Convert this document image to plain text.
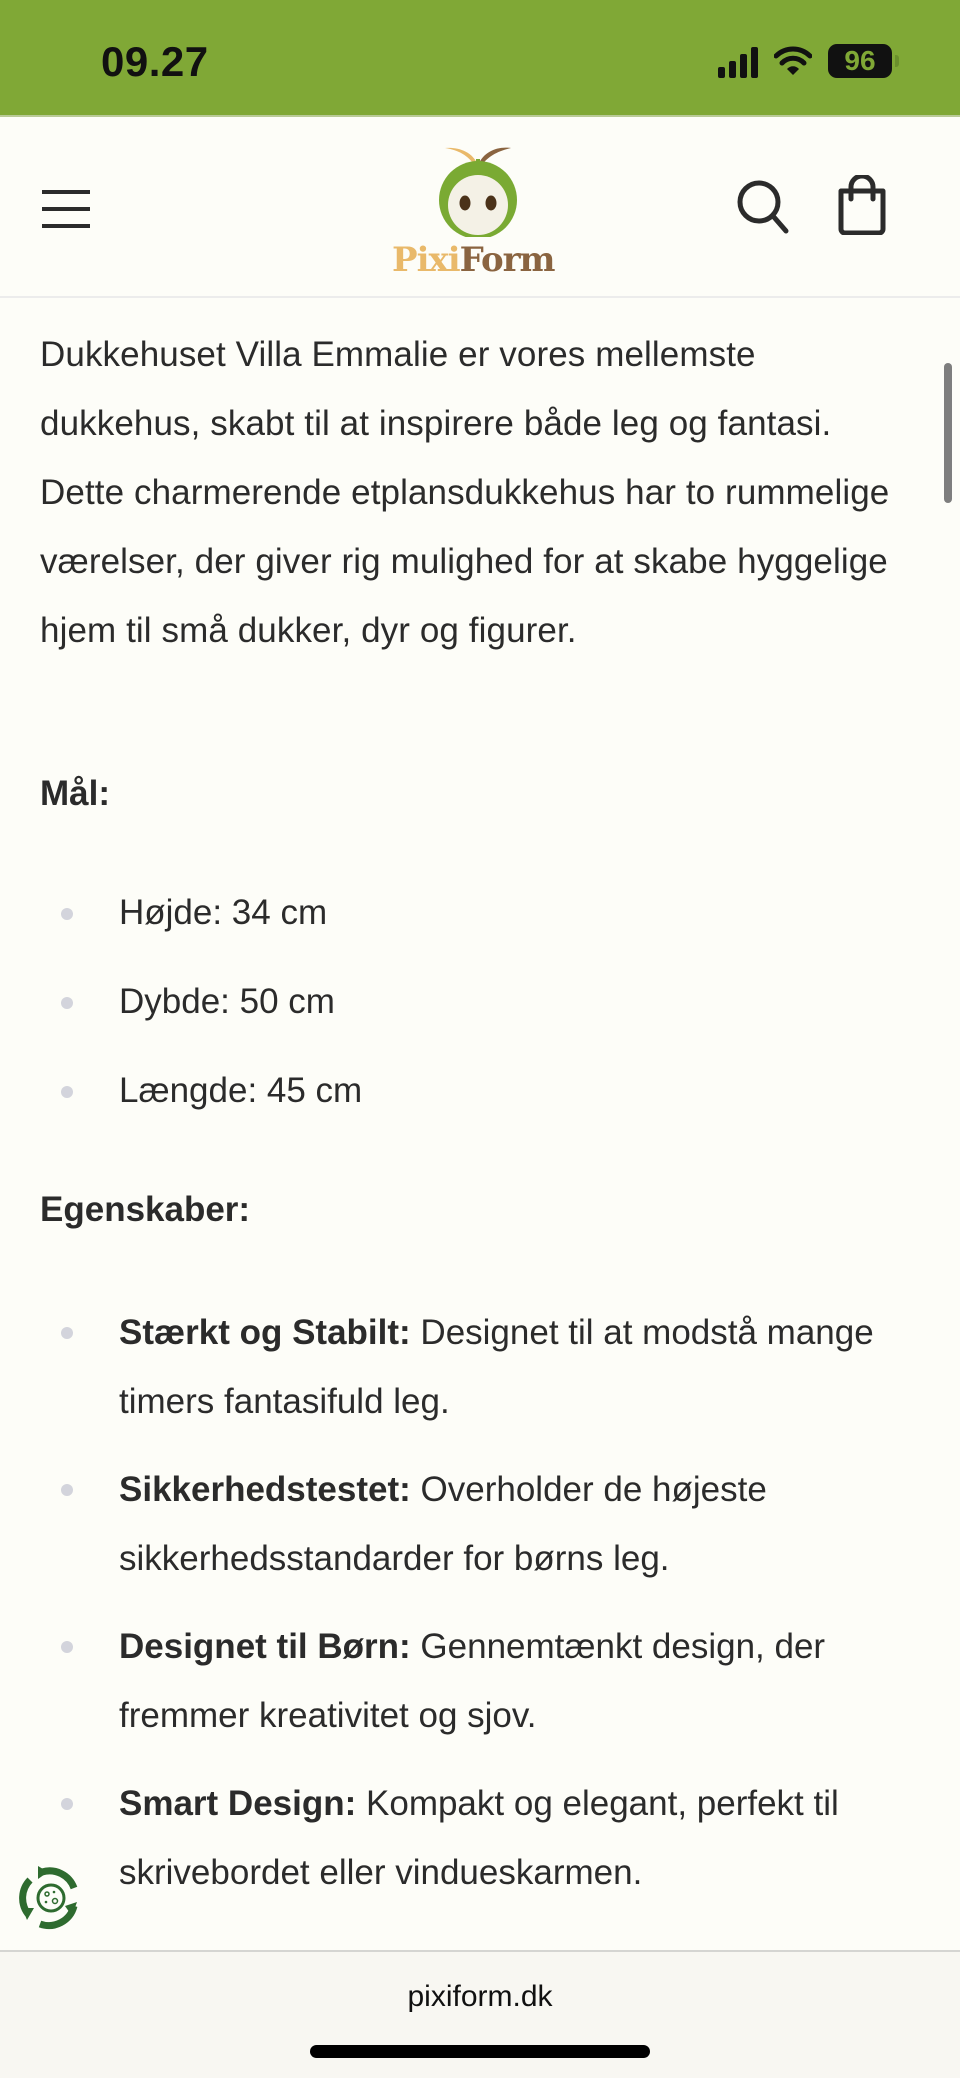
09.27	96
PixiForm

Dukkehuset Villa Emmalie er vores mellemste dukkehus, skabt til at inspirere både leg og fantasi. Dette charmerende etplansdukkehus har to rummelige værelser, der giver rig mulighed for at skabe hyggelige hjem til små dukker, dyr og figurer.

Mål:
Højde: 34 cm
Dybde: 50 cm
Længde: 45 cm
Egenskaber:
Stærkt og Stabilt: Designet til at modstå mange timers fantasifuld leg.
Sikkerhedstestet: Overholder de højeste sikkerhedsstandarder for børns leg.
Designet til Børn: Gennemtænkt design, der fremmer kreativitet og sjov.
Smart Design: Kompakt og elegant, perfekt til skrivebordet eller vindueskarmen.
pixiform.dk
